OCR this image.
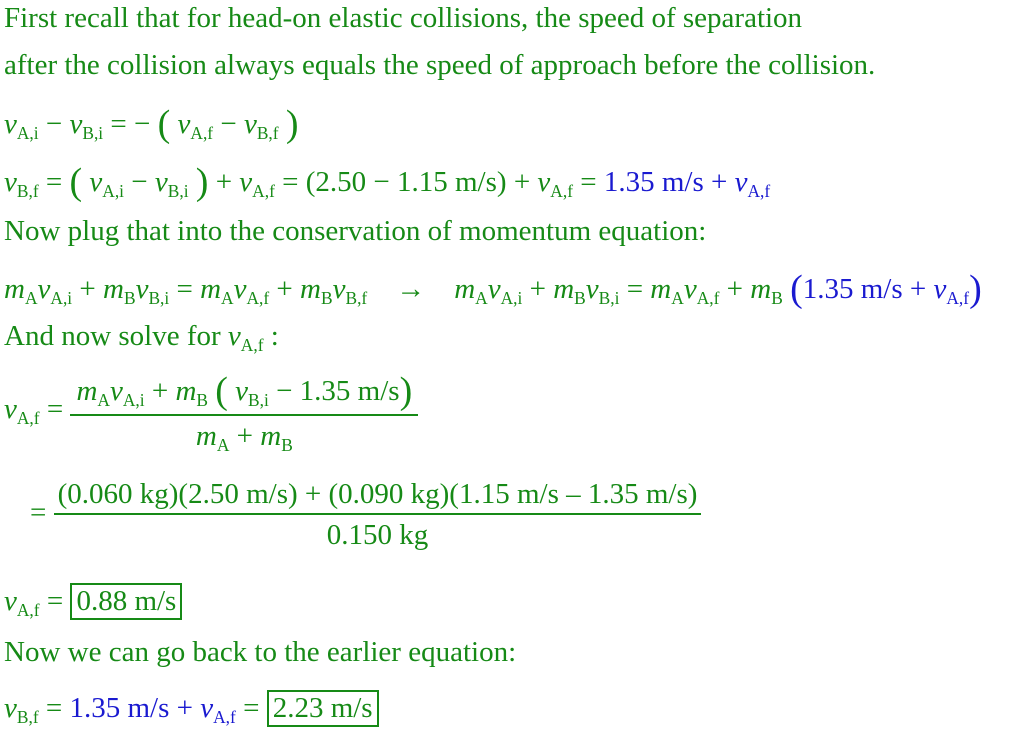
First recall that for head-on elastic collisions, the speed of separation
after the collision always equals the speed of approach before the collision.
$v_{A,i} - v_{B,i}$ = − ( $v_{A,f} - v_{B,f}$ )
$v_{B,f}$ = ( $v_{A,i} - v_{B,i}$ ) + $v_{A,f} = (2.50 - 1.15$ $m/s) + v_{A,f} = 1.35$ $m/s + v_{A,f}$
Now plug that into the conservation of momentum equation:
$m_Av_{A,i} + m_Bv_{B,i} = m_Av_{A,f} + m_Bv_{B,f}$    →    $m_Av_{A,i} + m_Bv_{B,i} = m_Av_{A,f} + m_B$ (1.35 $m/s + v_{A,f}$)
And now solve for $v_{A,f}$ :
$v_{A,f} = \frac{m_Av_{A,i} + m_B ( v_{B,i} - 1.35 m/s)}{m_A + m_B}$
= $\frac{(0.060 kg)(2.50 m/s) + (0.090 kg)(1.15 m/s - 1.35 m/s)}{0.150 kg}$
$v_{A,f} = 0.88$ m/s
Now we can go back to the earlier equation:
$v_{B,f} = 1.35$ $m/s + v_{A,f} = 2.23$ m/s
